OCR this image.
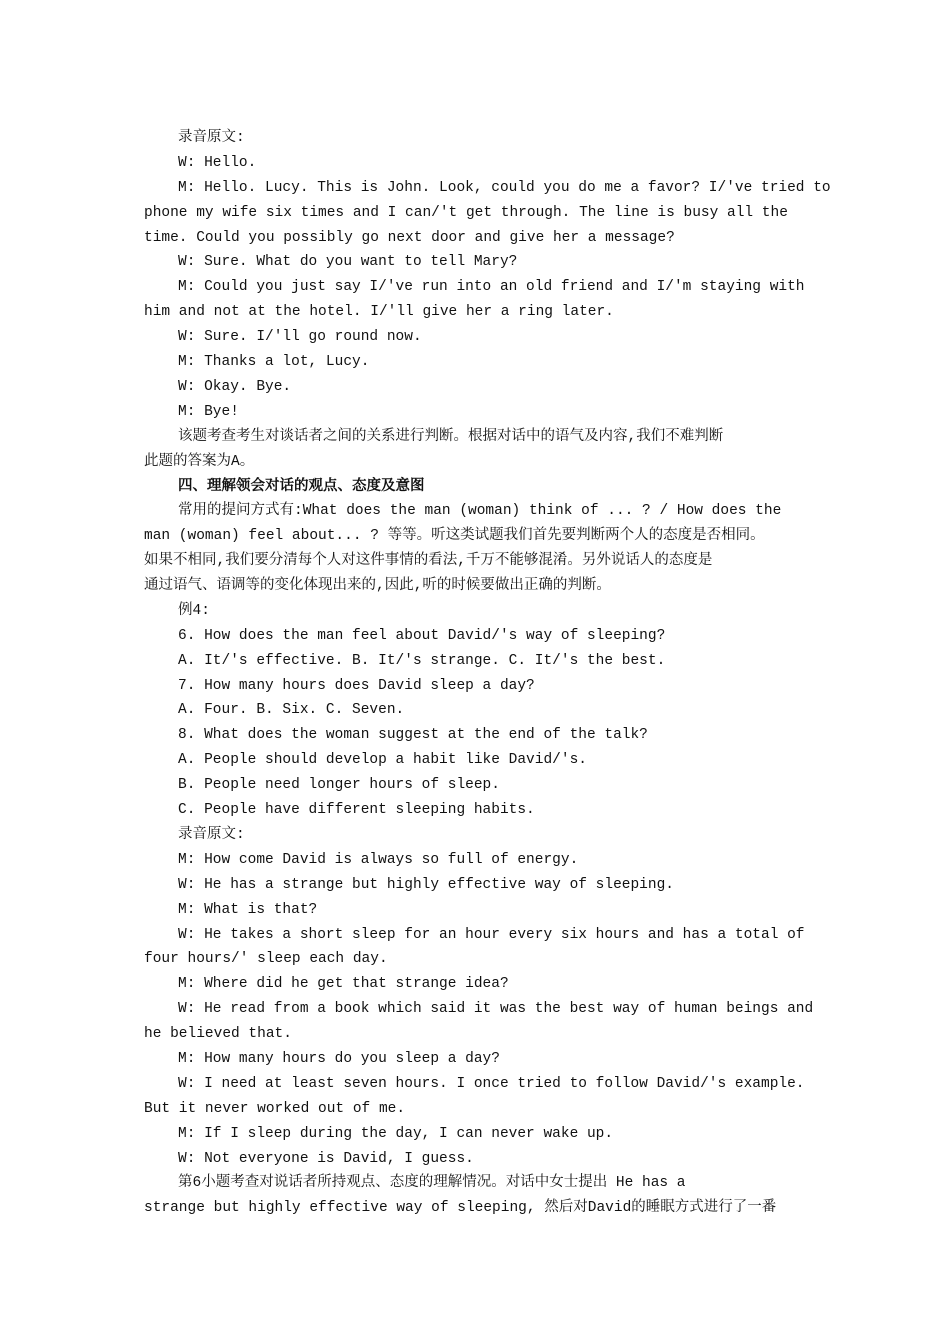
录音原文:
W: Hello.
M: Hello. Lucy. This is John. Look, could you do me a favor? I/'ve tried to
phone my wife six times and I can/'t get through. The line is busy all the
time. Could you possibly go next door and give her a message?
W: Sure. What do you want to tell Mary?
M: Could you just say I/'ve run into an old friend and I/'m staying with
him and not at the hotel. I/'ll give her a ring later.
W: Sure. I/'ll go round now.
M: Thanks a lot, Lucy.
W: Okay. Bye.
M: Bye!
该题考查考生对谈话者之间的关系进行判断。根据对话中的语气及内容,我们不难判断
此题的答案为A。
四、理解领会对话的观点、态度及意图
常用的提问方式有:What does the man (woman) think of ... ? / How does the
man (woman) feel about... ? 等等。听这类试题我们首先要判断两个人的态度是否相同。
如果不相同,我们要分清每个人对这件事情的看法,千万不能够混淆。另外说话人的态度是
通过语气、语调等的变化体现出来的,因此,听的时候要做出正确的判断。
例4:
6. How does the man feel about David/'s way of sleeping?
A. It/'s effective. B. It/'s strange. C. It/'s the best.
7. How many hours does David sleep a day?
A. Four. B. Six. C. Seven.
8. What does the woman suggest at the end of the talk?
A. People should develop a habit like David/'s.
B. People need longer hours of sleep.
C. People have different sleeping habits.
录音原文:
M: How come David is always so full of energy.
W: He has a strange but highly effective way of sleeping.
M: What is that?
W: He takes a short sleep for an hour every six hours and has a total of
four hours/' sleep each day.
M: Where did he get that strange idea?
W: He read from a book which said it was the best way of human beings and
he believed that.
M: How many hours do you sleep a day?
W: I need at least seven hours. I once tried to follow David/'s example.
But it never worked out of me.
M: If I sleep during the day, I can never wake up.
W: Not everyone is David, I guess.
第6小题考查对说话者所持观点、态度的理解情况。对话中女士提出 He has a
strange but highly effective way of sleeping, 然后对David的睡眠方式进行了一番
